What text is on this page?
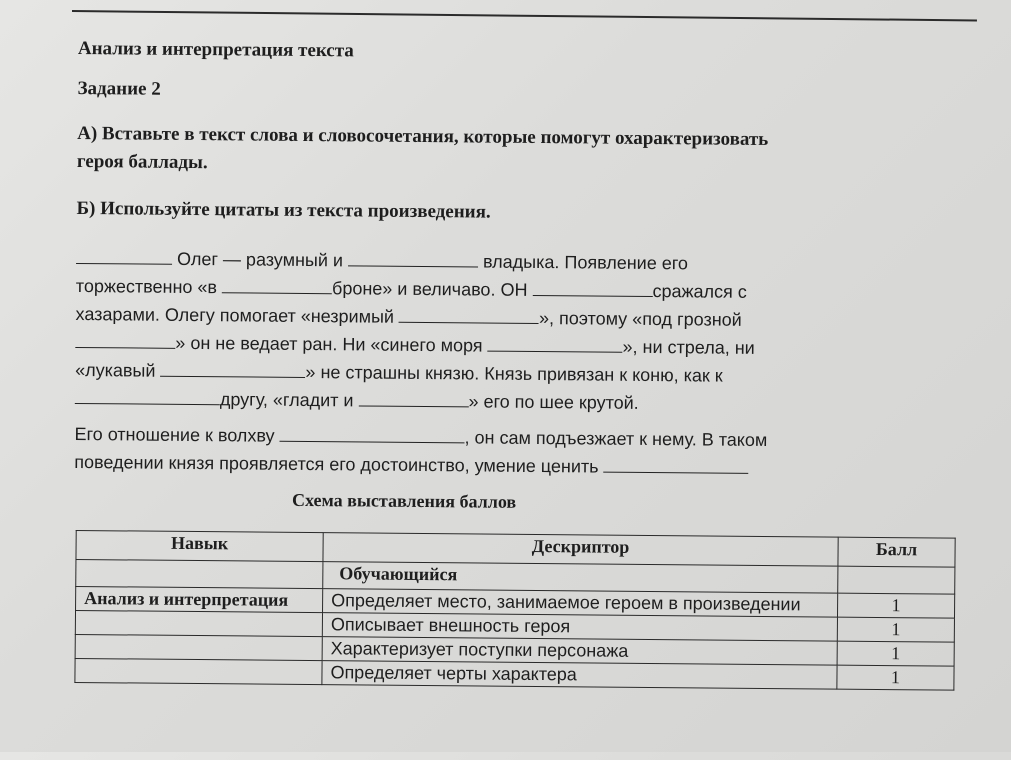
Анализ и интерпретация текста
Задание 2
А) Вставьте в текст слова и словосочетания, которые помогут охарактеризовать героя баллады.
Б) Используйте цитаты из текста произведения.
Олег — разумный и	владыка. Появление его
торжественно «в	броне» и величаво. ОН	сражался с
хазарами. Олегу помогает «незримый	», поэтому «под грозной
» он не ведает ран. Ни «синего моря	», ни стрела, ни
«лукавый	» не страшны князю. Князь привязан к коню, как к
другу, «гладит и	» его по шее крутой.
Его отношение к волхву	, он сам подъезжает к нему. В таком
поведении князя проявляется его достоинство, умение ценить
Схема выставления баллов
Навык	Дескриптор	Балл
	Обучающийся	
Анализ и интерпретация	Определяет место, занимаемое героем в произведении	1
	Описывает внешность героя	1
	Характеризует поступки персонажа	1
	Определяет черты характера	1
